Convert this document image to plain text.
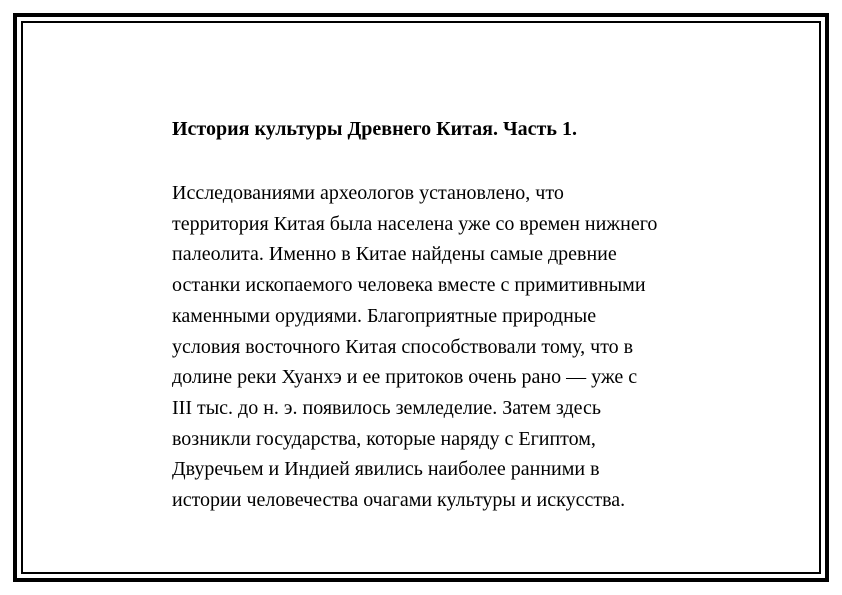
История культуры Древнего Китая. Часть 1.

Исследованиями археологов установлено, что
территория Китая была населена уже со времен нижнего
палеолита. Именно в Китае найдены самые древние
останки ископаемого человека вместе с примитивными
каменными орудиями. Благоприятные природные
условия восточного Китая способствовали тому, что в
долине реки Хуанхэ и ее притоков очень рано — уже с
III тыс. до н. э. появилось земледелие. Затем здесь
возникли государства, которые наряду с Египтом,
Двуречьем и Индией явились наиболее ранними в
истории человечества очагами культуры и искусства.
